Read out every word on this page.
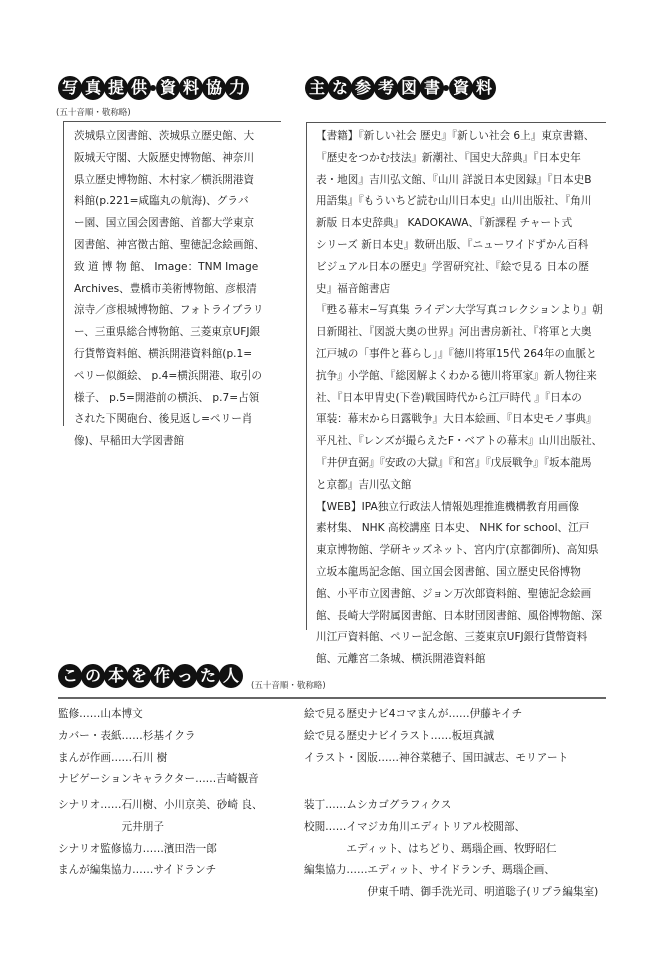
写 真 提 供 資 料 協 力
(五十音順・敬称略)

茨城県立図書館、茨城県立歴史館、大

阪城天守閣、大阪歴史博物館、神奈川

県立歴史博物館、木村家／横浜開港資

料館(p.221=咸臨丸の航海)、グラバ

ー園、国立国会図書館、首都大学東京

図書館、神宮徴古館、聖徳記念絵画館、

致 道 博 物 館、 Image：TNM Image

Archives、豊橋市美術博物館、彦根清

涼寺／彦根城博物館、フォトライブラリ

ー、三重県総合博物館、三菱東京UFJ銀

行貨幣資料館、横浜開港資料館(p.1=

ペリー似顔絵、 p.4=横浜開港、取引の

様子、 p.5=開港前の横浜、 p.7=占領

された下関砲台、後見返し=ペリー肖

像)、早稲田大学図書館

主 な 参 考 図 書 資 料

【書籍】『新しい社会 歴史』『新しい社会 6上』東京書籍、

『歴史をつかむ技法』新潮社、『国史大辞典』『日本史年

表・地図』吉川弘文館、『山川 詳説日本史図録』『日本史B

用語集』『もういちど読む山川日本史』山川出版社、『角川

新版 日本史辞典』 KADOKAWA、『新課程 チャート式

シリーズ 新日本史』数研出版、『ニューワイドずかん百科

ビジュアル日本の歴史』学習研究社、『絵で見る 日本の歴

史』福音館書店

『甦る幕末−写真集 ライデン大学写真コレクションより』朝

日新聞社、『図説大奥の世界』河出書房新社、『将軍と大奥

江戸城の「事件と暮らし」』『徳川将軍15代 264年の血脈と

抗争』小学館、『総図解よくわかる徳川将軍家』新人物往来

社、『日本甲冑史(下巻)戦国時代から江戸時代 』『日本の

軍装：幕末から日露戦争』大日本絵画、『日本史モノ事典』

平凡社、『レンズが撮らえたF・ベアトの幕末』山川出版社、

『井伊直弼』『安政の大獄』『和宮』『戊辰戦争』『坂本龍馬

と京都』吉川弘文館

【WEB】IPA独立行政法人情報処理推進機構教育用画像

素材集、 NHK 高校講座 日本史、 NHK for school、江戸

東京博物館、学研キッズネット、宮内庁(京都御所)、高知県

立坂本龍馬記念館、国立国会図書館、国立歴史民俗博物

館、小平市立図書館、ジョン万次郎資料館、聖徳記念絵画

館、長崎大学附属図書館、日本財団図書館、風俗博物館、深

川江戸資料館、ペリー記念館、三菱東京UFJ銀行貨幣資料

館、元離宮二条城、横浜開港資料館

こ の 本 を 作 っ た 人
(五十音順・敬称略)
監修……山本博文
カバー・表紙……杉基イクラ
まんが作画……石川 樹
ナビゲーションキャラクター……吉崎観音
シナリオ……石川樹、小川京美、砂崎 良、
　　　　　　元井朋子
シナリオ監修協力……濱田浩一郎
まんが編集協力……サイドランチ
絵で見る歴史ナビ4コマまんが……伊藤キイチ
絵で見る歴史ナビイラスト……板垣真誠
イラスト・図版……神谷菜穂子、国田誠志、モリアート
装丁……ムシカゴグラフィクス
校閲……イマジカ角川エディトリアル校閲部、
　　　　エディット、はちどり、瑪瑙企画、牧野昭仁
編集協力……エディット、サイドランチ、瑪瑙企画、
　　　　　　伊東千晴、御手洗光司、明道聡子(リプラ編集室)
